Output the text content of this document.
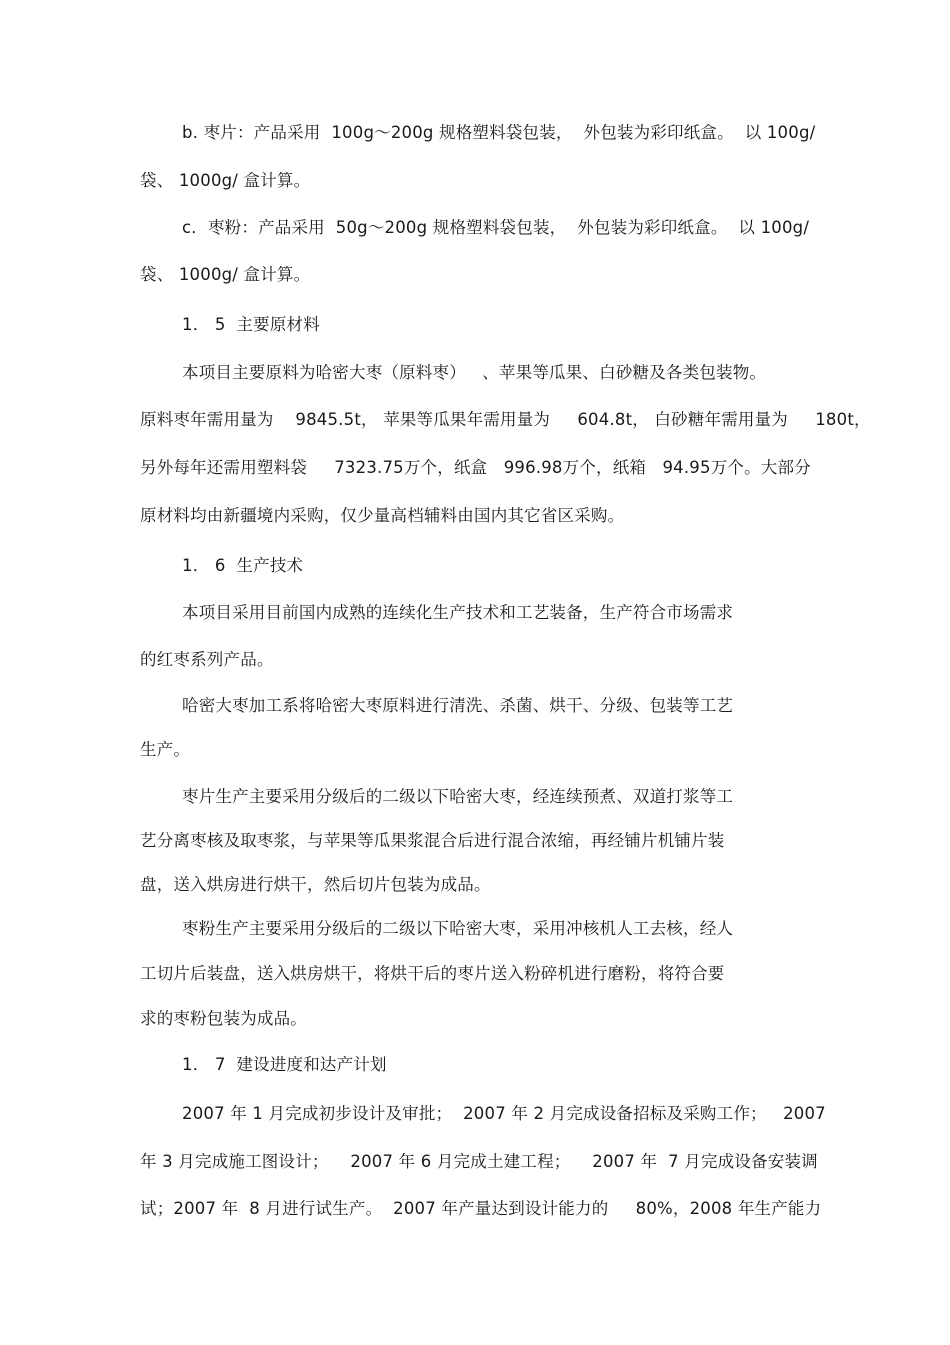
b. 枣片：产品采用  100g～200g 规格塑料袋包装，  外包装为彩印纸盒。  以 100g/
袋、 1000g/ 盒计算。
c．枣粉：产品采用  50g～200g 规格塑料袋包装，  外包装为彩印纸盒。  以 100g/
袋、 1000g/ 盒计算。
1． 5  主要原材料
本项目主要原料为哈密大枣（原料枣）   、苹果等瓜果、白砂糖及各类包装物。
原料枣年需用量为    9845.5t， 苹果等瓜果年需用量为     604.8t， 白砂糖年需用量为     180t，
另外每年还需用塑料袋     7323.75万个，纸盒   996.98万个，纸箱   94.95万个。大部分
原材料均由新疆境内采购，仅少量高档辅料由国内其它省区采购。
1． 6  生产技术
本项目采用目前国内成熟的连续化生产技术和工艺装备，生产符合市场需求
的红枣系列产品。
哈密大枣加工系将哈密大枣原料进行清洗、杀菌、烘干、分级、包装等工艺
生产。
枣片生产主要采用分级后的二级以下哈密大枣，经连续预煮、双道打浆等工
艺分离枣核及取枣浆，与苹果等瓜果浆混合后进行混合浓缩，再经铺片机铺片装
盘，送入烘房进行烘干，然后切片包装为成品。
枣粉生产主要采用分级后的二级以下哈密大枣，采用冲核机人工去核，经人
工切片后装盘，送入烘房烘干，将烘干后的枣片送入粉碎机进行磨粉，将符合要
求的枣粉包装为成品。
1． 7  建设进度和达产计划
2007 年 1 月完成初步设计及审批；  2007 年 2 月完成设备招标及采购工作；   2007
年 3 月完成施工图设计；    2007 年 6 月完成土建工程；    2007 年  7 月完成设备安装调
试；2007 年  8 月进行试生产。  2007 年产量达到设计能力的     80%，2008 年生产能力
